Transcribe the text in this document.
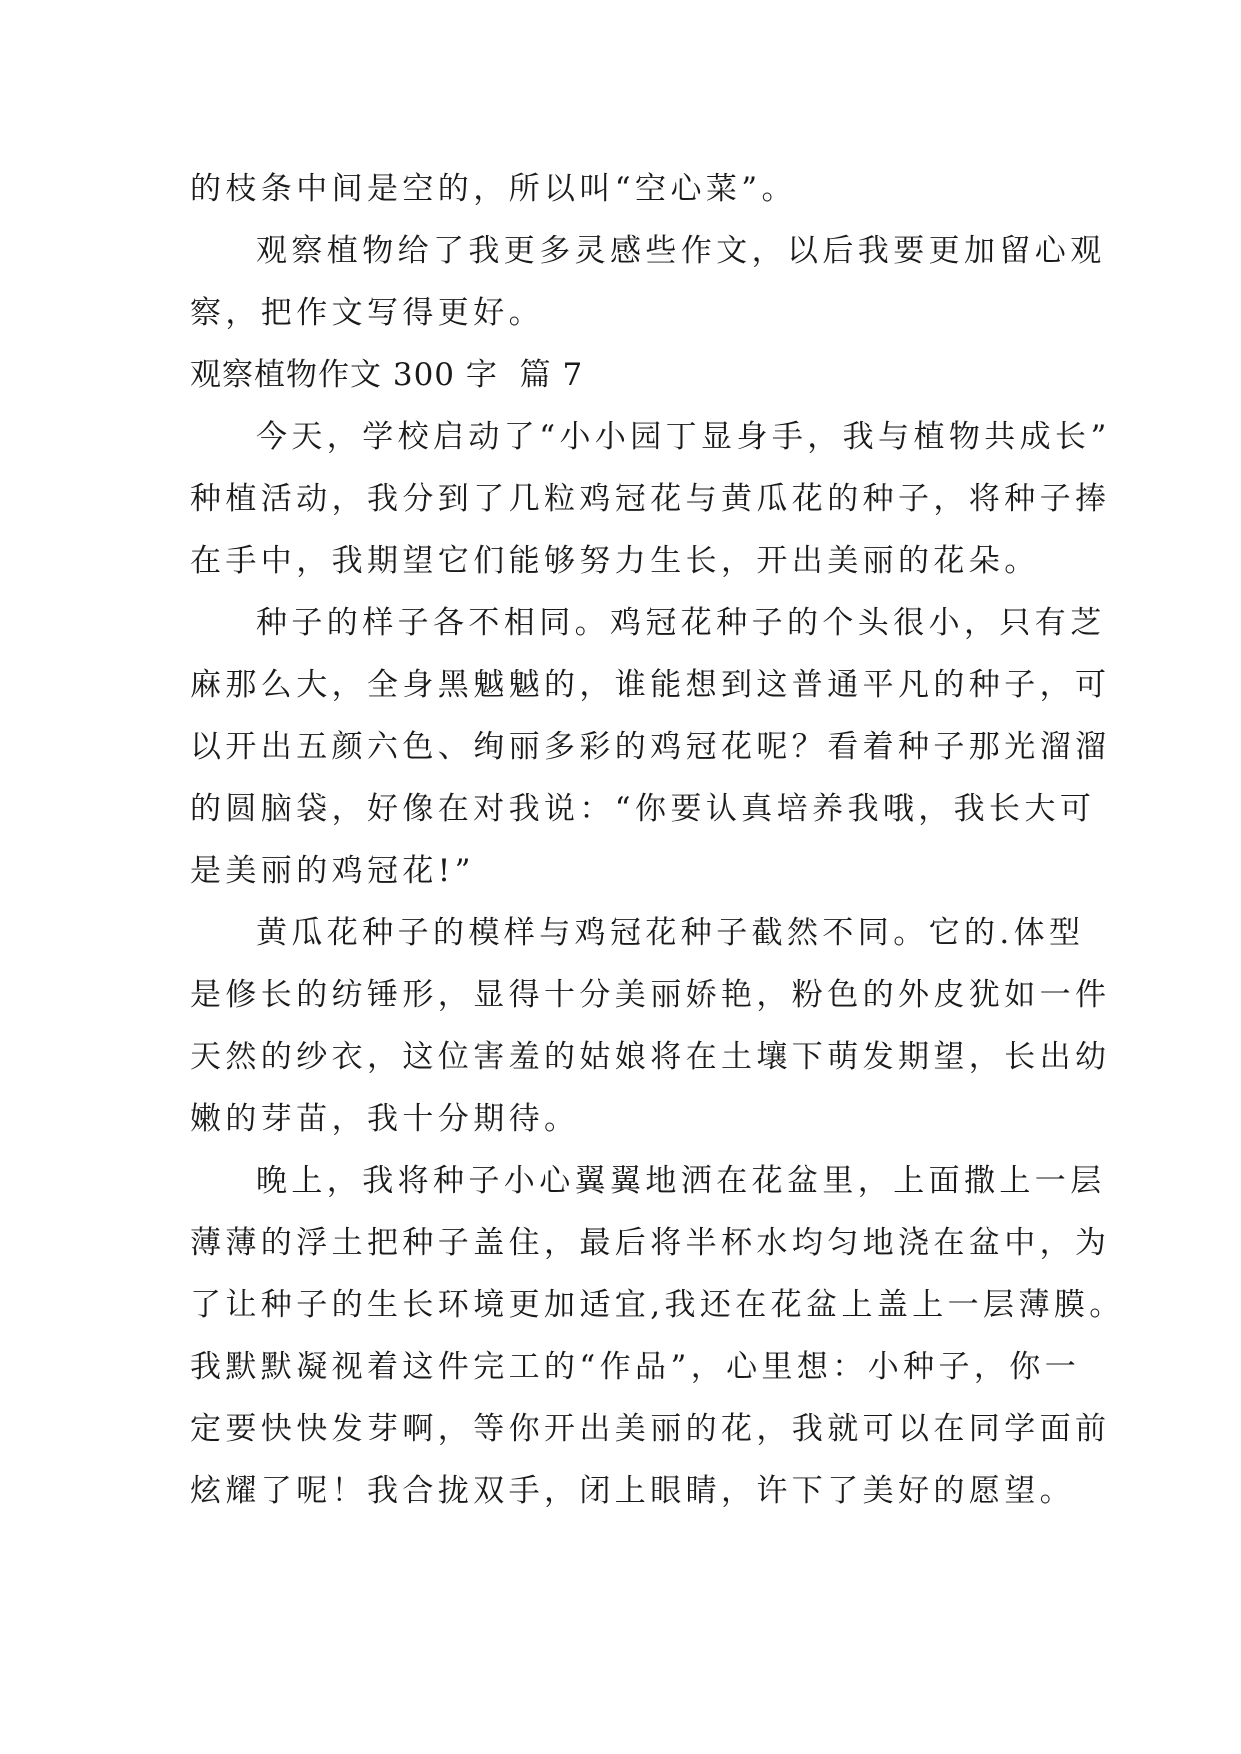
的枝条中间是空的，所以叫“空心菜”。
观察植物给了我更多灵感些作文，以后我要更加留心观
察，把作文写得更好。
观察植物作文 300 字  篇 7
今天，学校启动了“小小园丁显身手，我与植物共成长”
种植活动，我分到了几粒鸡冠花与黄瓜花的种子，将种子捧
在手中，我期望它们能够努力生长，开出美丽的花朵。
种子的样子各不相同。鸡冠花种子的个头很小，只有芝
麻那么大，全身黑魆魆的，谁能想到这普通平凡的种子，可
以开出五颜六色、绚丽多彩的鸡冠花呢？看着种子那光溜溜
的圆脑袋，好像在对我说：“你要认真培养我哦，我长大可
是美丽的鸡冠花!”
黄瓜花种子的模样与鸡冠花种子截然不同。它的.体型
是修长的纺锤形，显得十分美丽娇艳，粉色的外皮犹如一件
天然的纱衣，这位害羞的姑娘将在土壤下萌发期望，长出幼
嫩的芽苗，我十分期待。
晚上，我将种子小心翼翼地洒在花盆里，上面撒上一层
薄薄的浮土把种子盖住，最后将半杯水均匀地浇在盆中，为
了让种子的生长环境更加适宜,我还在花盆上盖上一层薄膜。
我默默凝视着这件完工的“作品”，心里想：小种子，你一
定要快快发芽啊，等你开出美丽的花，我就可以在同学面前
炫耀了呢！我合拢双手，闭上眼睛，许下了美好的愿望。
